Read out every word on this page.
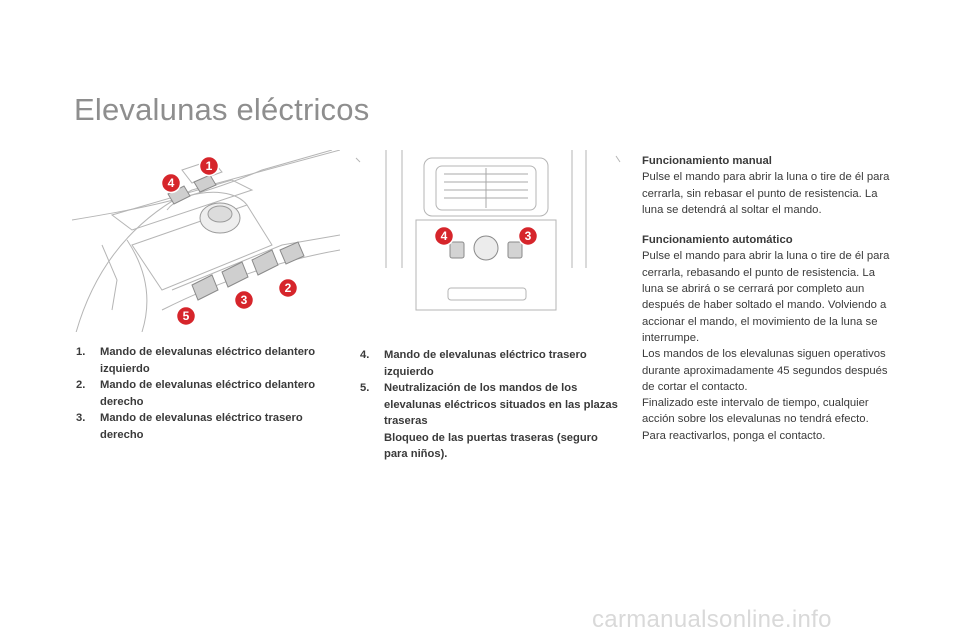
Elevalunas eléctricos
1
4
2
3
5
4	3
1.	Mando de elevalunas eléctrico delantero izquierdo
2.	Mando de elevalunas eléctrico delantero derecho
3.	Mando de elevalunas eléctrico trasero derecho
4.	Mando de elevalunas eléctrico trasero izquierdo
5.	Neutralización de los mandos de los elevalunas eléctricos situados en las plazas traseras
Bloqueo de las puertas traseras (seguro para niños).

Funcionamiento manual

Pulse el mando para abrir la luna o tire de él para cerrarla, sin rebasar el punto de resistencia. La luna se detendrá al soltar el mando.

Funcionamiento automático

Pulse el mando para abrir la luna o tire de él para cerrarla, rebasando el punto de resistencia. La luna se abrirá o se cerrará por completo aun después de haber soltado el mando. Volviendo a accionar el mando, el movimiento de la luna se interrumpe.

Los mandos de los elevalunas siguen operativos durante aproximadamente 45 segundos después de cortar el contacto.

Finalizado este intervalo de tiempo, cualquier acción sobre los elevalunas no tendrá efecto.

Para reactivarlos, ponga el contacto.

carmanualsonline.info
